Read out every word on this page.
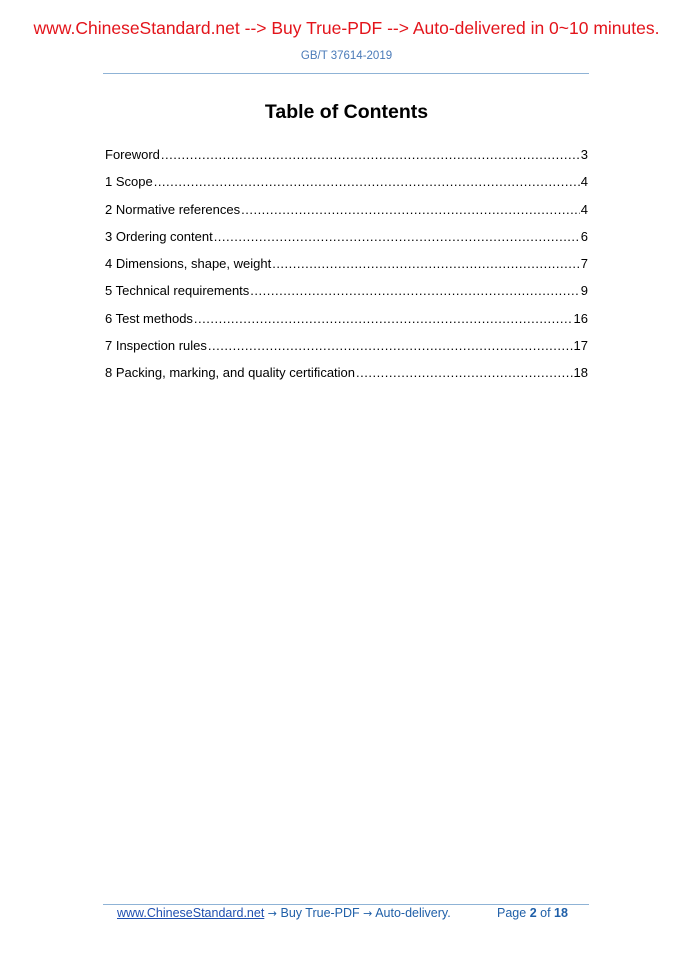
www.ChineseStandard.net --> Buy True-PDF --> Auto-delivered in 0~10 minutes.
GB/T 37614-2019
Table of Contents
Foreword .....	3
1 Scope .....	4
2 Normative references .....	4
3 Ordering content .....	6
4 Dimensions, shape, weight .....	7
5 Technical requirements .....	9
6 Test methods .....	16
7 Inspection rules .....	17
8 Packing, marking, and quality certification .....	18
www.ChineseStandard.net → Buy True-PDF → Auto-delivery.	Page 2 of 18
